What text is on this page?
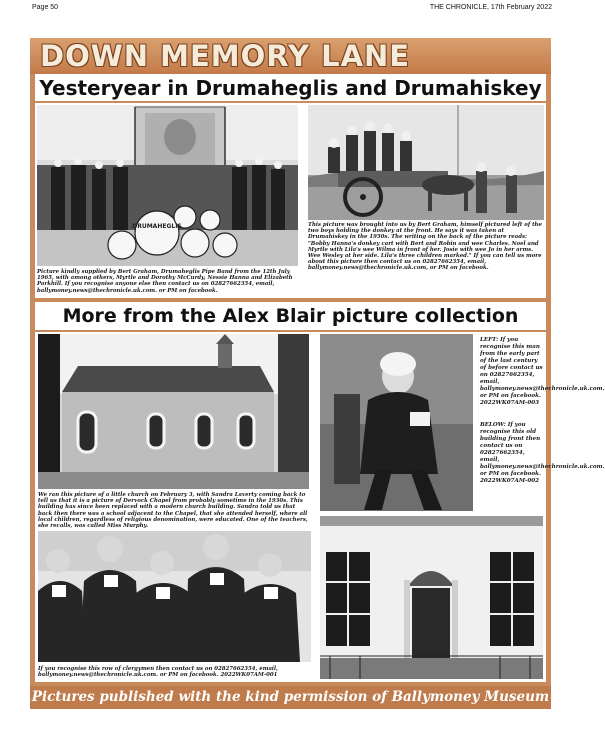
Page 50	THE CHRONICLE, 17th February 2022
DOWN MEMORY LANE
Yesteryear in Drumaheglis and Drumahiskey
DRUMAHEGLIS
Picture kindly supplied by Bert Graham, Drumaheglis Pipe Band from the 12th July 1965, with among others, Myrtle and Dorothy McCurdy, Nessie Hanna and Elizabeth Parkhill. If you recognise anyone else then contact us on 02827662354, email, ballymoney.news@thechronicle.uk.com. or PM on facebook.
This picture was brought into us by Bert Graham, himself pictured left of the two boys holding the donkey at the front. He says it was taken at Drumahiskey in the 1950s. The writing on the back of the picture reads: "Bobby Hanna's donkey cart with Bert and Robin and wee Charles. Noel and Myrtle with Lila's wee Wilma in front of her. Josie with wee Jo in her arms. Wee Wesley at her side. Lila's three children marked." If you can tell us more about this picture then contact us on 02827662354, email, ballymoney.news@thechronicle.uk.com, or PM on facebook.
More from the Alex Blair picture collection
We ran this picture of a little church on February 3, with Sandra Laverty coming back to tell us that it is a picture of Dervock Chapel from probably sometime in the 1930s. This building has since been replaced with a modern church building. Sandra told us that back then there was a school adjacent to the Chapel, that she attended herself, where all local children, regardless of religious denomination, were educated. One of the teachers, she recalls, was called Miss Murphy.
LEFT: If you recognise this man from the early part of the last century of before contact us on 02827662354, email, ballymoney.news@thechronicle.uk.com. or PM on facebook. 2022WK07AM-003
BELOW: If you recognise this old building front then contact us on 02827662354, email, ballymoney.news@thechronicle.uk.com. or PM on facebook. 2022WK07AM-002
If you recognise this row of clergymen then contact us on 02827662354, email, ballymoney.news@thechronicle.uk.com. or PM on facebook. 2022WK07AM-001
Pictures published with the kind permission of Ballymoney Museum
